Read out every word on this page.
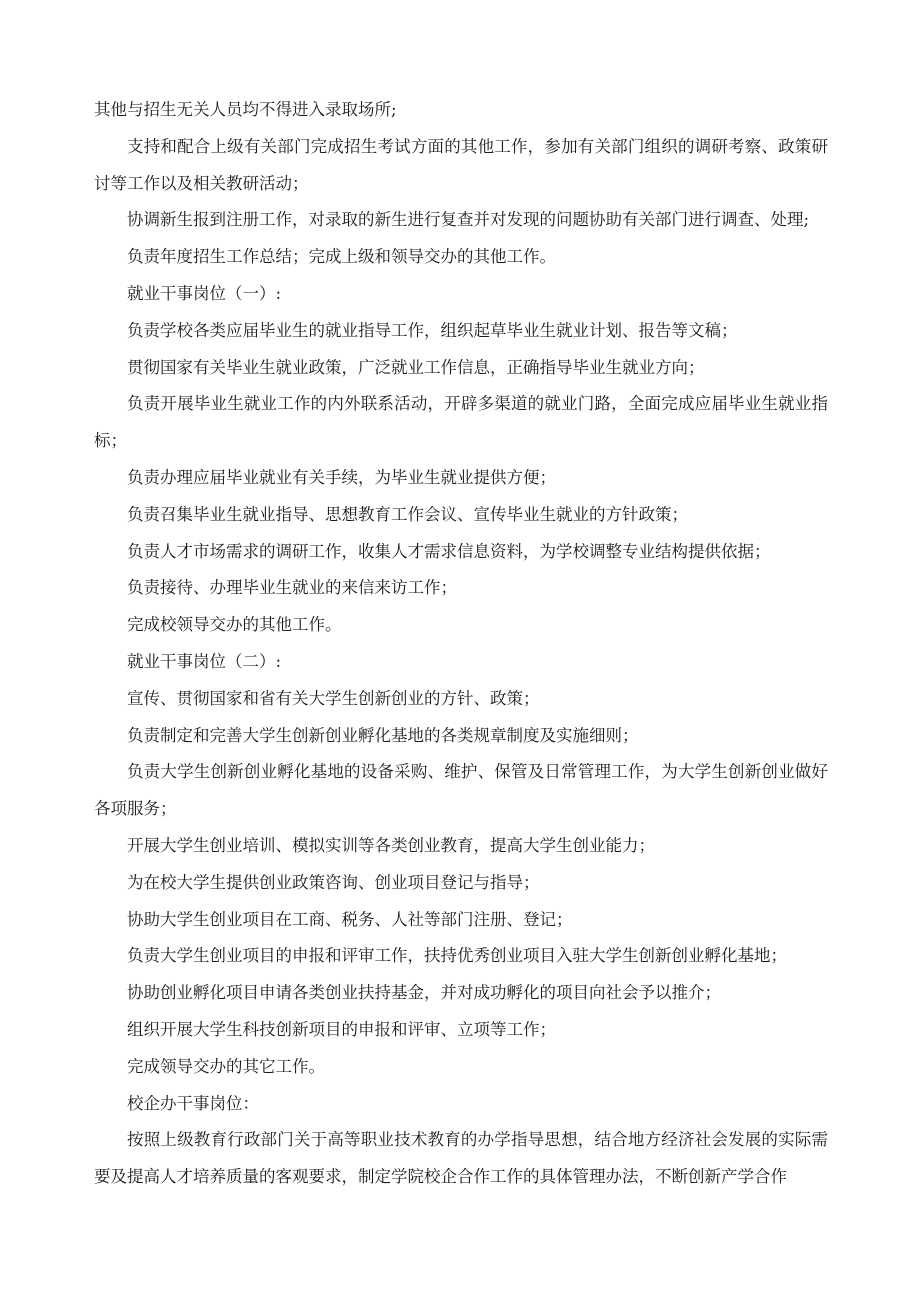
其他与招生无关人员均不得进入录取场所;

支持和配合上级有关部门完成招生考试方面的其他工作，参加有关部门组织的调研考察、政策研讨等工作以及相关教研活动；

协调新生报到注册工作，对录取的新生进行复查并对发现的问题协助有关部门进行调查、处理;

负责年度招生工作总结；完成上级和领导交办的其他工作。

就业干事岗位（一）:

负责学校各类应届毕业生的就业指导工作，组织起草毕业生就业计划、报告等文稿；

贯彻国家有关毕业生就业政策，广泛就业工作信息，正确指导毕业生就业方向；

负责开展毕业生就业工作的内外联系活动，开辟多渠道的就业门路，全面完成应届毕业生就业指标；

负责办理应届毕业就业有关手续，为毕业生就业提供方便；

负责召集毕业生就业指导、思想教育工作会议、宣传毕业生就业的方针政策；

负责人才市场需求的调研工作，收集人才需求信息资料，为学校调整专业结构提供依据；

负责接待、办理毕业生就业的来信来访工作；

完成校领导交办的其他工作。

就业干事岗位（二）:

宣传、贯彻国家和省有关大学生创新创业的方针、政策；

负责制定和完善大学生创新创业孵化基地的各类规章制度及实施细则；

负责大学生创新创业孵化基地的设备采购、维护、保管及日常管理工作，为大学生创新创业做好各项服务；

开展大学生创业培训、模拟实训等各类创业教育，提高大学生创业能力；

为在校大学生提供创业政策咨询、创业项目登记与指导；

协助大学生创业项目在工商、税务、人社等部门注册、登记；

负责大学生创业项目的申报和评审工作，扶持优秀创业项目入驻大学生创新创业孵化基地；

协助创业孵化项目申请各类创业扶持基金，并对成功孵化的项目向社会予以推介；

组织开展大学生科技创新项目的申报和评审、立项等工作；

完成领导交办的其它工作。

校企办干事岗位：

按照上级教育行政部门关于高等职业技术教育的办学指导思想，结合地方经济社会发展的实际需要及提高人才培养质量的客观要求，制定学院校企合作工作的具体管理办法，不断创新产学合作
